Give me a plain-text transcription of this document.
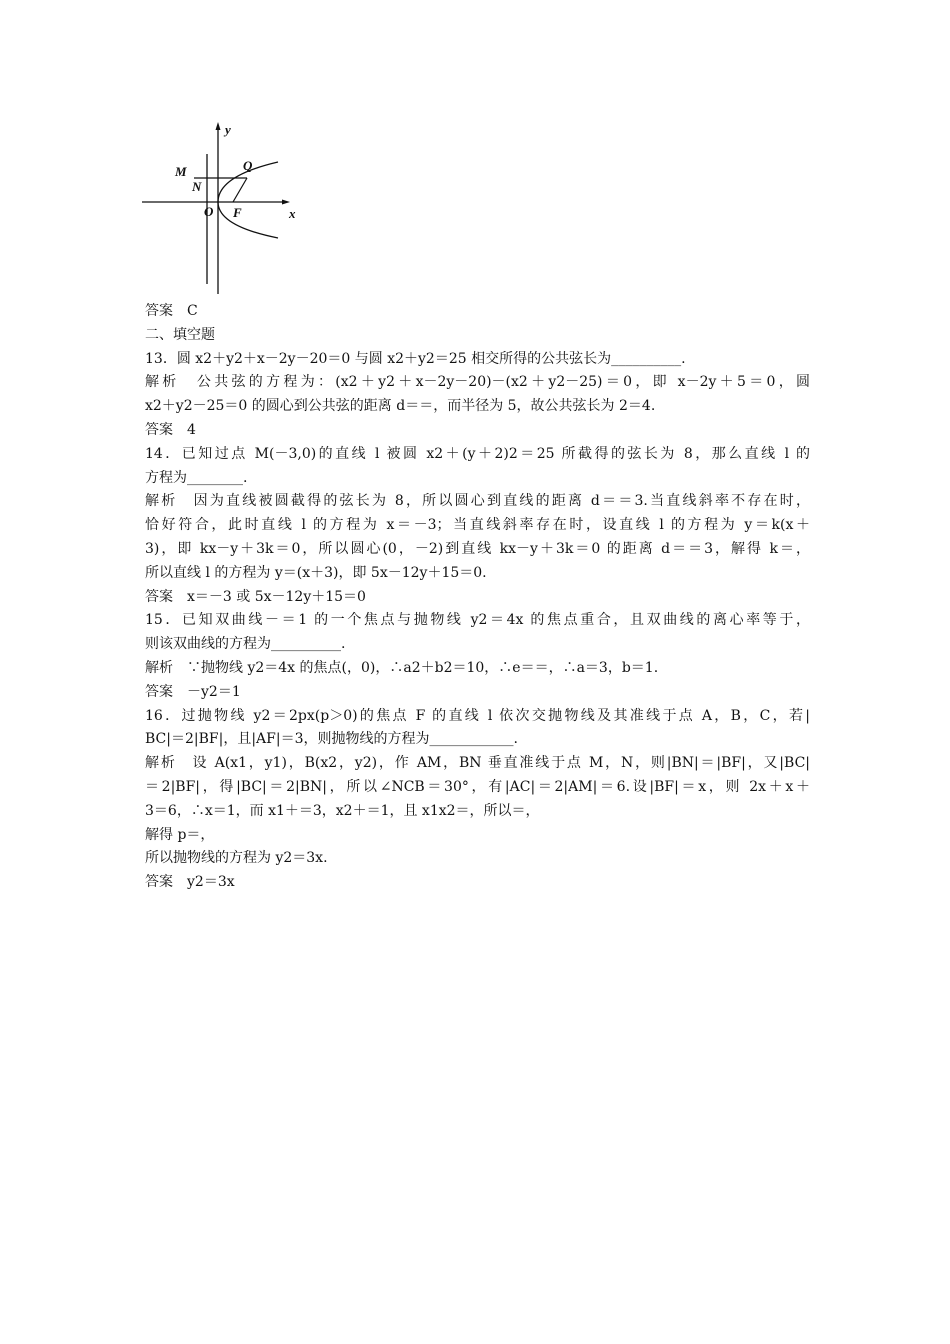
y
x
M
N
Q
O F
答案　C
二、填空题
13．圆 x2＋y2＋x－2y－20＝0 与圆 x2＋y2＝25 相交所得的公共弦长为__________.
解析　公共弦的方程为：(x2＋y2＋x－2y－20)－(x2＋y2－25)＝0，即 x－2y＋5＝0，圆
x2＋y2－25＝0 的圆心到公共弦的距离 d＝＝，而半径为 5，故公共弦长为 2＝4.
答案　4
14．已知过点 M(－3,0)的直线 l 被圆 x2＋(y＋2)2＝25 所截得的弦长为 8，那么直线 l 的
方程为________.
解析　因为直线被圆截得的弦长为 8，所以圆心到直线的距离 d＝＝3.当直线斜率不存在时，
恰好符合，此时直线 l 的方程为 x＝－3；当直线斜率存在时，设直线 l 的方程为 y＝k(x＋
3)，即 kx－y＋3k＝0，所以圆心(0，－2)到直线 kx－y＋3k＝0 的距离 d＝＝3，解得 k＝，
所以直线 l 的方程为 y＝(x＋3)，即 5x－12y＋15＝0.
答案　x＝－3 或 5x－12y＋15＝0
15．已知双曲线－＝1 的一个焦点与抛物线 y2＝4x 的焦点重合，且双曲线的离心率等于，
则该双曲线的方程为__________.
解析　∵抛物线 y2＝4x 的焦点(，0)，∴a2＋b2＝10，∴e＝＝，∴a＝3，b＝1.
答案　－y2＝1
16．过抛物线 y2＝2px(p＞0)的焦点 F 的直线 l 依次交抛物线及其准线于点 A，B，C，若|
BC|＝2|BF|，且|AF|＝3，则抛物线的方程为____________.
解析　设 A(x1，y1)，B(x2，y2)，作 AM，BN 垂直准线于点 M，N，则|BN|＝|BF|，又|BC|
＝2|BF|，得|BC|＝2|BN|，所以∠NCB＝30°，有|AC|＝2|AM|＝6.设|BF|＝x，则 2x＋x＋
3＝6，∴x＝1，而 x1＋＝3，x2＋＝1，且 x1x2＝，所以＝，
解得 p＝，
所以抛物线的方程为 y2＝3x.
答案　y2＝3x
